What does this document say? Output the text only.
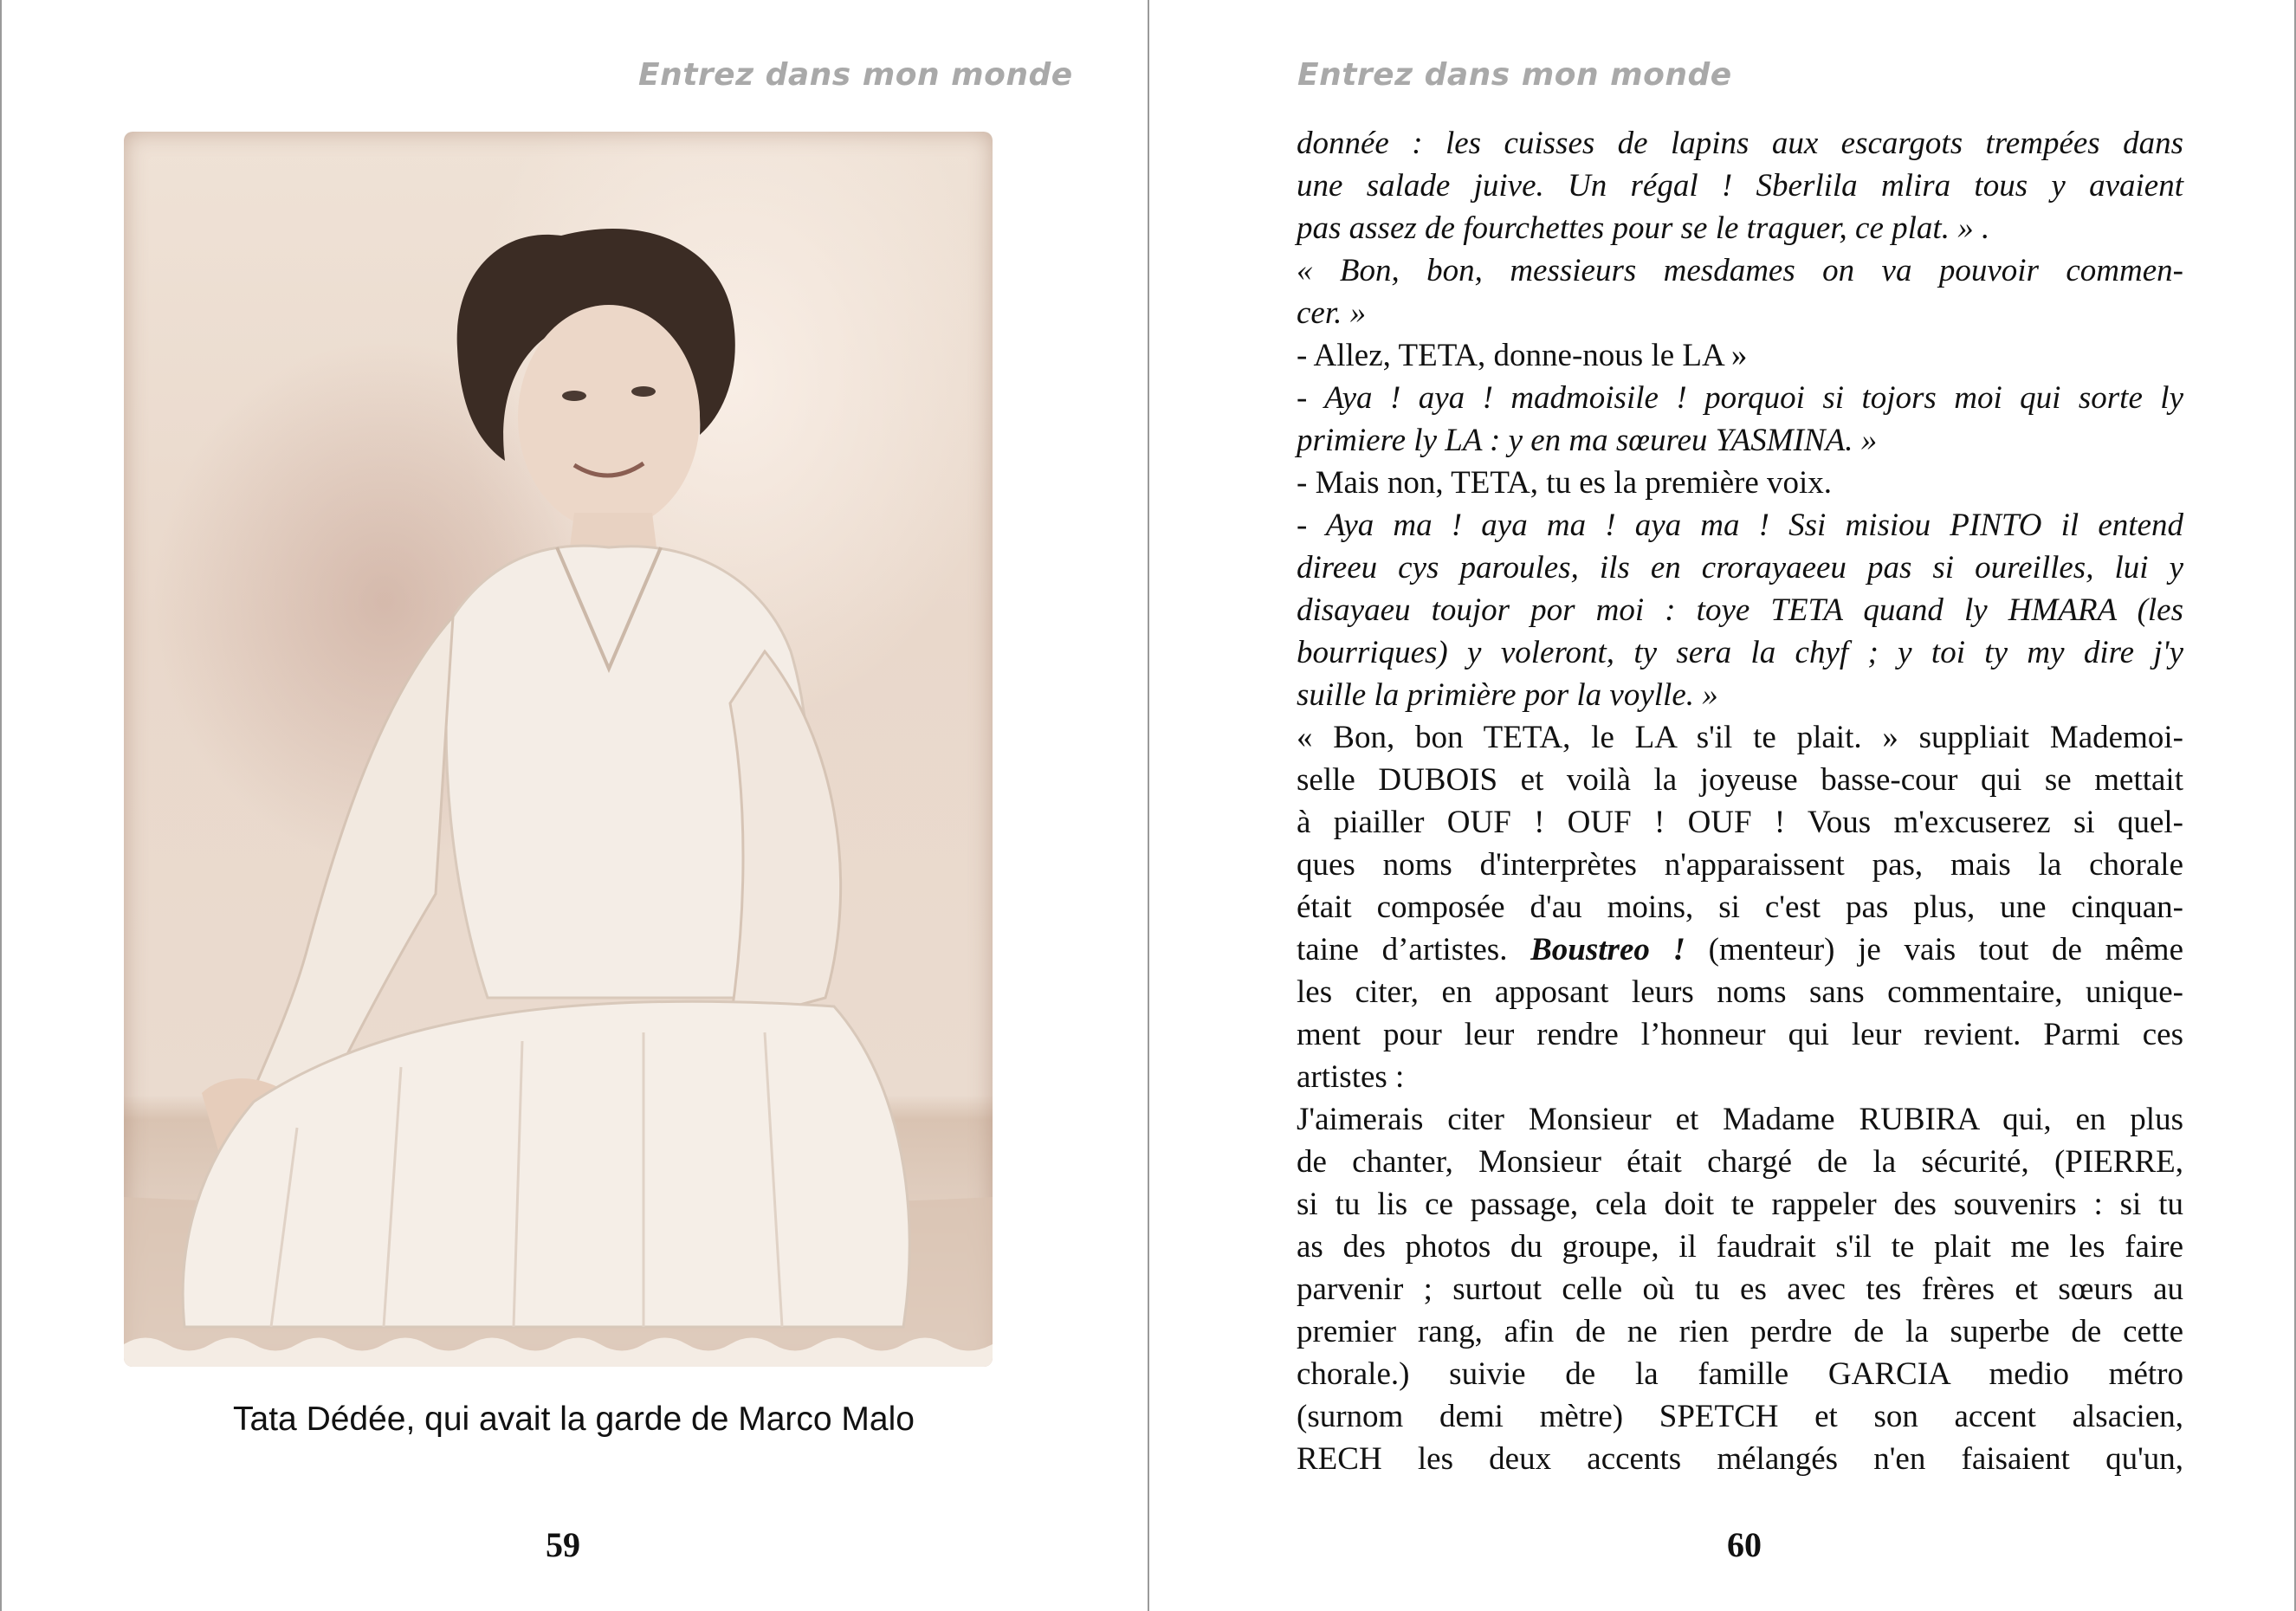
Entrez dans mon monde
Tata Dédée, qui avait la garde de Marco Malo
59
Entrez dans mon monde
60
donnée : les cuisses de lapins aux escargots trempées dans
une salade juive. Un régal ! Sberlila mlira tous y avaient
pas assez de fourchettes pour se le traguer, ce plat. » .
« Bon, bon, messieurs mesdames on va pouvoir commen-
cer. »
- Allez, TETA, donne-nous le LA »
- Aya ! aya ! madmoisile ! porquoi si tojors moi qui sorte ly
primiere ly LA : y en ma sœureu YASMINA. »
- Mais non, TETA, tu es la première voix.
- Aya ma ! aya ma ! aya ma ! Ssi misiou PINTO il entend
direeu cys paroules, ils en crorayaeeu pas si oureilles, lui y
disayaeu toujor por moi : toye TETA quand ly HMARA (les
bourriques) y voleront, ty sera la chyf ; y toi ty my dire j'y
suille la primière por la voylle. »
« Bon, bon TETA, le LA s'il te plait. » suppliait Mademoi-
selle DUBOIS et voilà la joyeuse basse-cour qui se mettait
à piailler OUF ! OUF ! OUF ! Vous m'excuserez si quel-
ques noms d'interprètes n'apparaissent pas, mais la chorale
était composée d'au moins, si c'est pas plus, une cinquan-
taine d’artistes. Boustreo ! (menteur) je vais tout de même
les citer, en apposant leurs noms sans commentaire, unique-
ment pour leur rendre l’honneur qui leur revient. Parmi ces
artistes :
J'aimerais citer Monsieur et Madame RUBIRA qui, en plus
de chanter, Monsieur était chargé de la sécurité, (PIERRE,
si tu lis ce passage, cela doit te rappeler des souvenirs : si tu
as des photos du groupe, il faudrait s'il te plait me les faire
parvenir ; surtout celle où tu es avec tes frères et sœurs au
premier rang, afin de ne rien perdre de la superbe de cette
chorale.) suivie de la famille GARCIA medio métro
(surnom demi mètre) SPETCH et son accent alsacien,
RECH les deux accents mélangés n'en faisaient qu'un,
